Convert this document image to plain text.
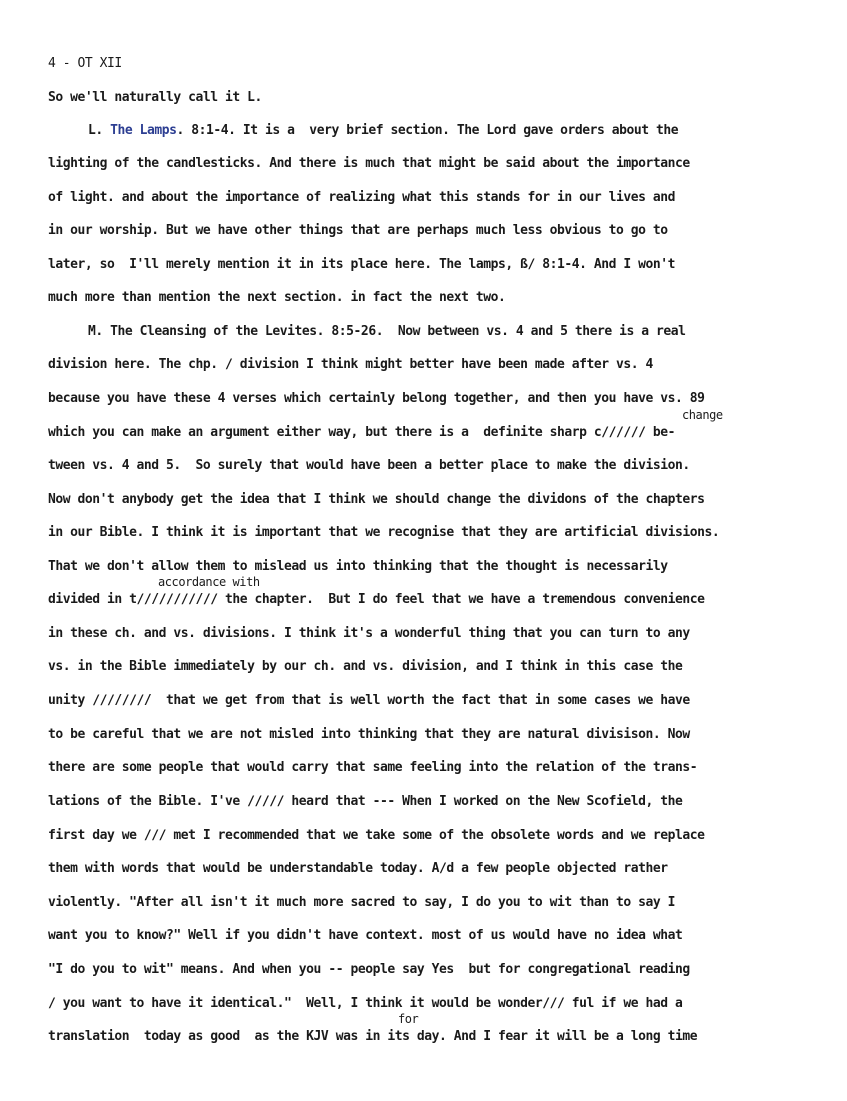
4 - OT XII
So we'll naturally call it L.
L. The Lamps. 8:1-4. It is a  very brief section. The Lord gave orders about the
lighting of the candlesticks. And there is much that might be said about the importance
of light. and about the importance of realizing what this stands for in our lives and
in our worship. But we have other things that are perhaps much less obvious to go to
later, so  I'll merely mention it in its place here. The lamps, ß∕ 8:1-4. And I won't
much more than mention the next section. in fact the next two.
M. The Cleansing of the Levites. 8:5-26.  Now between vs. 4 and 5 there is a real
division here. The chp. ∕ division I think might better have been made after vs. 4
because you have these 4 verses which certainly belong together, and then you have vs. 89
change
which you can make an argument either way, but there is a  definite sharp c∕∕∕∕∕∕ be-
tween vs. 4 and 5.  So surely that would have been a better place to make the division.
Now don't anybody get the idea that I think we should change the dividons of the chapters
in our Bible. I think it is important that we recognise that they are artificial divisions.
That we don't allow them to mislead us into thinking that the thought is necessarily
accordance with
divided in t∕∕/∕∕∕∕∕/∕∕ the chapter.  But I do feel that we have a tremendous convenience
in these ch. and vs. divisions. I think it's a wonderful thing that you can turn to any
vs. in the Bible immediately by our ch. and vs. division, and I think in this case the
unity ∕∕∕/∕∕∕/  that we get from that is well worth the fact that in some cases we have
to be careful that we are not misled into thinking that they are natural divisison. Now
there are some people that would carry that same feeling into the relation of the trans-
lations of the Bible. I've ∕∕∕∕∕ heard that --- When I worked on the New Scofield, the
first day we ∕∕∕ met I recommended that we take some of the obsolete words and we replace
them with words that would be understandable today. A∕d a few people objected rather
violently. "After all isn't it much more sacred to say, I do you to wit than to say I
want you to know?" Well if you didn't have context. most of us would have no idea what
"I do you to wit" means. And when you -- people say Yes  but for congregational reading
∕ you want to have it identical."  Well, I think it would be wonder∕∕∕ ful if we had a
for
translation  today as good  as the KJV was in its day. And I fear it will be a long time
